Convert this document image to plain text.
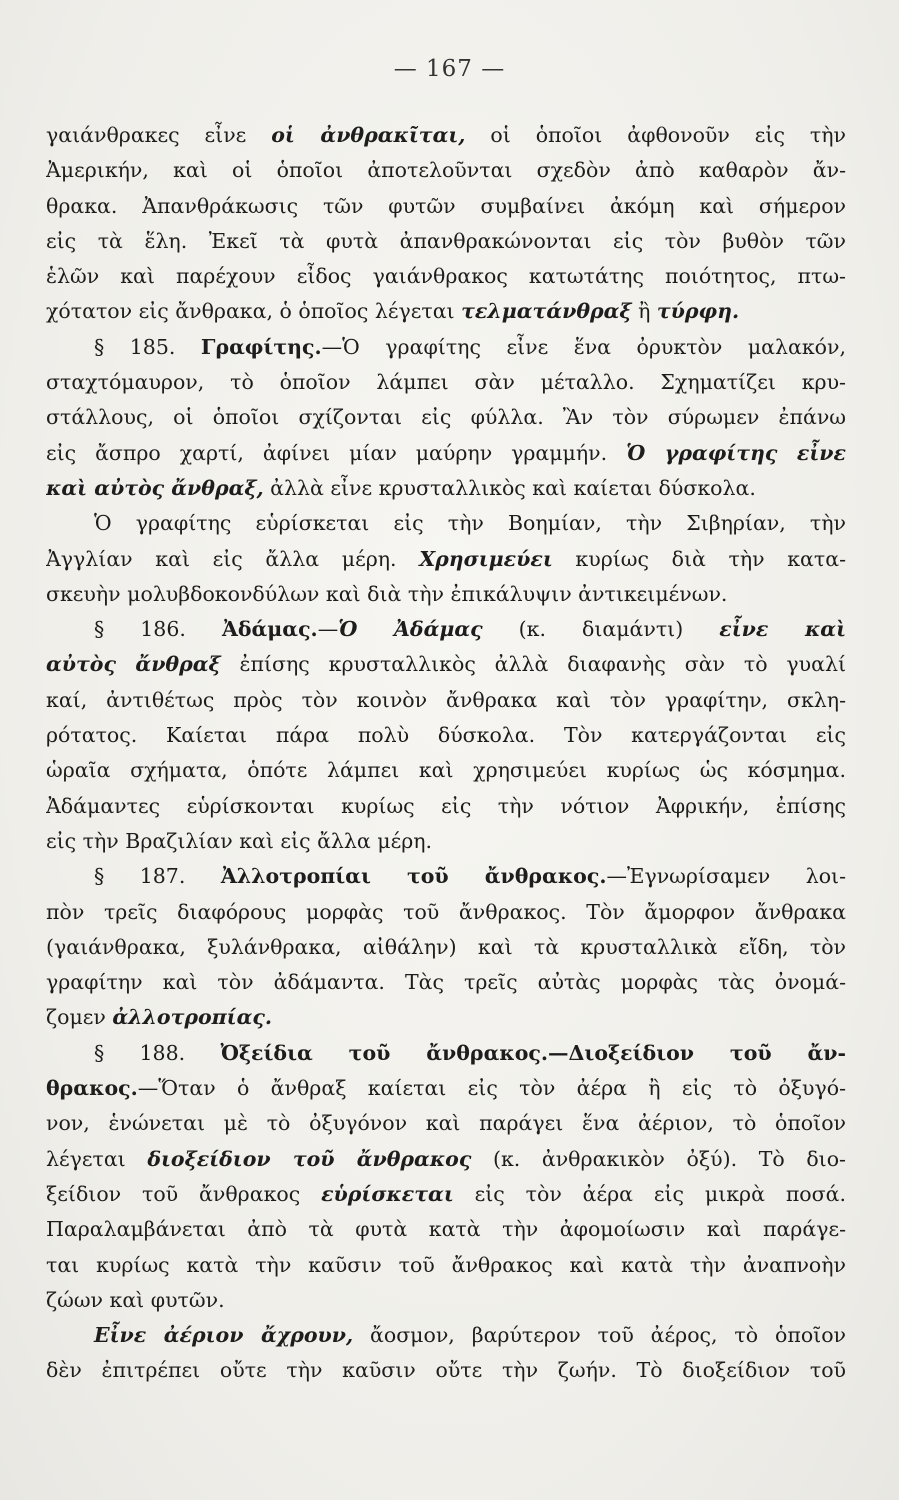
— 167 —
γαιάνθρακες εἶνε οἱ ἀνθρακῖται, οἱ ὁποῖοι ἀφθονοῦν εἰς τὴν
Ἀμερικήν, καὶ οἱ ὁποῖοι ἀποτελοῦνται σχεδὸν ἀπὸ καθαρὸν ἄν-
θρακα. Ἀπανθράκωσις τῶν φυτῶν συμβαίνει ἀκόμη καὶ σήμερον
εἰς τὰ ἕλη. Ἐκεῖ τὰ φυτὰ ἀπανθρακώνονται εἰς τὸν βυθὸν τῶν
ἑλῶν καὶ παρέχουν εἶδος γαιάνθρακος κατωτάτης ποιότητος, πτω-
χότατον εἰς ἄνθρακα, ὁ ὁποῖος λέγεται τελματάνθραξ ἢ τύρφη.
§ 185. Γραφίτης.—Ὁ γραφίτης εἶνε ἕνα ὀρυκτὸν μαλακόν,
σταχτόμαυρον, τὸ ὁποῖον λάμπει σὰν μέταλλο. Σχηματίζει κρυ-
στάλλους, οἱ ὁποῖοι σχίζονται εἰς φύλλα. Ἂν τὸν σύρωμεν ἐπάνω
εἰς ἄσπρο χαρτί, ἀφίνει μίαν μαύρην γραμμήν. Ὁ γραφίτης εἶνε
καὶ αὐτὸς ἄνθραξ, ἀλλὰ εἶνε κρυσταλλικὸς καὶ καίεται δύσκολα.
Ὁ γραφίτης εὑρίσκεται εἰς τὴν Βοημίαν, τὴν Σιβηρίαν, τὴν
Ἀγγλίαν καὶ εἰς ἄλλα μέρη. Χρησιμεύει κυρίως διὰ τὴν κατα-
σκευὴν μολυβδοκονδύλων καὶ διὰ τὴν ἐπικάλυψιν ἀντικειμένων.
§ 186. Ἀδάμας.—Ὁ Ἀδάμας (κ. διαμάντι) εἶνε καὶ
αὐτὸς ἄνθραξ ἐπίσης κρυσταλλικὸς ἀλλὰ διαφανὴς σὰν τὸ γυαλί
καί, ἀντιθέτως πρὸς τὸν κοινὸν ἄνθρακα καὶ τὸν γραφίτην, σκλη-
ρότατος. Καίεται πάρα πολὺ δύσκολα. Τὸν κατεργάζονται εἰς
ὡραῖα σχήματα, ὁπότε λάμπει καὶ χρησιμεύει κυρίως ὡς κόσμημα.
Ἀδάμαντες εὑρίσκονται κυρίως εἰς τὴν νότιον Ἀφρικήν, ἐπίσης
εἰς τὴν Βραζιλίαν καὶ εἰς ἄλλα μέρη.
§ 187. Ἀλλοτροπίαι τοῦ ἄνθρακος.—Ἐγνωρίσαμεν λοι-
πὸν τρεῖς διαφόρους μορφὰς τοῦ ἄνθρακος. Τὸν ἄμορφον ἄνθρακα
(γαιάνθρακα, ξυλάνθρακα, αἰθάλην) καὶ τὰ κρυσταλλικὰ εἴδη, τὸν
γραφίτην καὶ τὸν ἀδάμαντα. Τὰς τρεῖς αὐτὰς μορφὰς τὰς ὀνομά-
ζομεν ἀλλοτροπίας.
§ 188. Ὀξείδια τοῦ ἄνθρακος.—Διοξείδιον τοῦ ἄν-
θρακος.—Ὅταν ὁ ἄνθραξ καίεται εἰς τὸν ἀέρα ἢ εἰς τὸ ὀξυγό-
νον, ἑνώνεται μὲ τὸ ὀξυγόνον καὶ παράγει ἕνα ἀέριον, τὸ ὁποῖον
λέγεται διοξείδιον τοῦ ἄνθρακος (κ. ἀνθρακικὸν ὀξύ). Τὸ διο-
ξείδιον τοῦ ἄνθρακος εὑρίσκεται εἰς τὸν ἀέρα εἰς μικρὰ ποσά.
Παραλαμβάνεται ἀπὸ τὰ φυτὰ κατὰ τὴν ἀφομοίωσιν καὶ παράγε-
ται κυρίως κατὰ τὴν καῦσιν τοῦ ἄνθρακος καὶ κατὰ τὴν ἀναπνοὴν
ζώων καὶ φυτῶν.
Εἶνε ἀέριον ἄχρουν, ἄοσμον, βαρύτερον τοῦ ἀέρος, τὸ ὁποῖον
δὲν ἐπιτρέπει οὔτε τὴν καῦσιν οὔτε τὴν ζωήν. Τὸ διοξείδιον τοῦ
